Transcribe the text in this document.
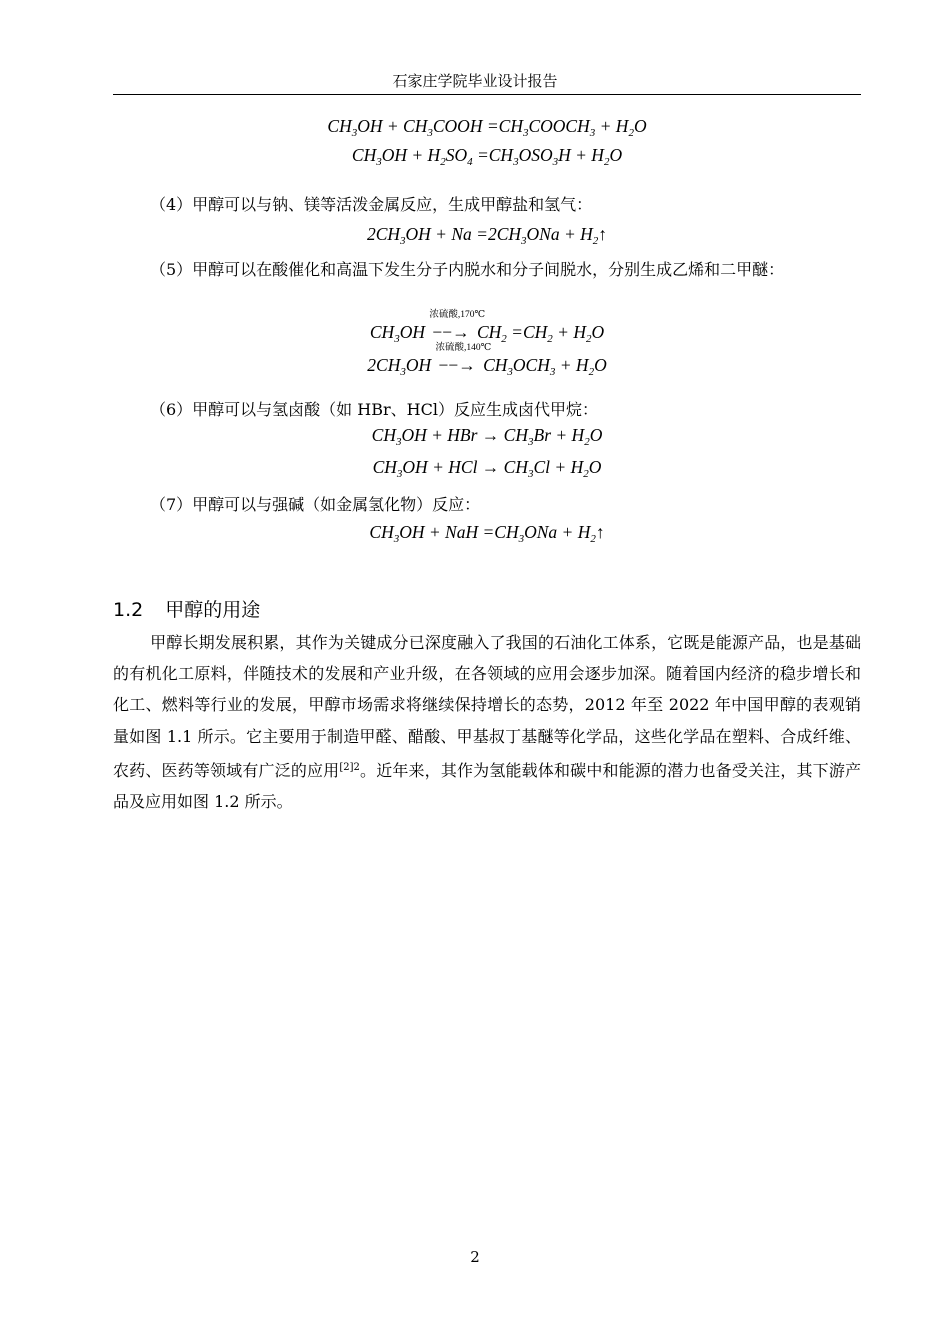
石家庄学院毕业设计报告
$CH_3OH$ + $CH_3COOH$ $=CH_3COOCH_3 + H_2O$
$CH_3OH + H_2SO_4 =CH_3OSO_3H + H_2O$
（4）甲醇可以与钠、镁等活泼金属反应，生成甲醇盐和氢气：
$2CH_3OH + Na =2CH_3ONa$ + $H_2↑$
（5）甲醇可以在酸催化和高温下发生分子内脱水和分子间脱水，分别生成乙烯和二甲醚：
$CH_3OH$
浓硫酸,170℃
−−→ $CH_2 =CH_2 + H_2O$
$2CH_3OH$
浓硫酸,140℃
−−→ $CH_3OCH_3 + H_2O$
（6）甲醇可以与氢卤酸（如 HBr、HCl）反应生成卤代甲烷：
$CH_3OH$ + HBr → $CH_3Br + H_2O$
$CH_3OH$ + HCl → $CH_3Cl + H_2O$
（7）甲醇可以与强碱（如金属氢化物）反应：
$CH_3OH$ + NaH $=CH_3ONa$ + $H_2↑$
1.2 甲醇的用途
甲醇长期发展积累，其作为关键成分已深度融入了我国的石油化工体系，它既是能源产品，也是基础的有机化工原料，伴随技术的发展和产业升级，在各领域的应用会逐步加深。随着国内经济的稳步增长和化工、燃料等行业的发展，甲醇市场需求将继续保持增长的态势，2012 年至 2022 年中国甲醇的表观销量如图 1.1 所示。它主要用于制造甲醛、醋酸、甲基叔丁基醚等化学品，这些化学品在塑料、合成纤维、农药、医药等领域有广泛的应用$^{[2]2}$。近年来，其作为氢能载体和碳中和能源的潜力也备受关注，其下游产品及应用如图 1.2 所示。
2
